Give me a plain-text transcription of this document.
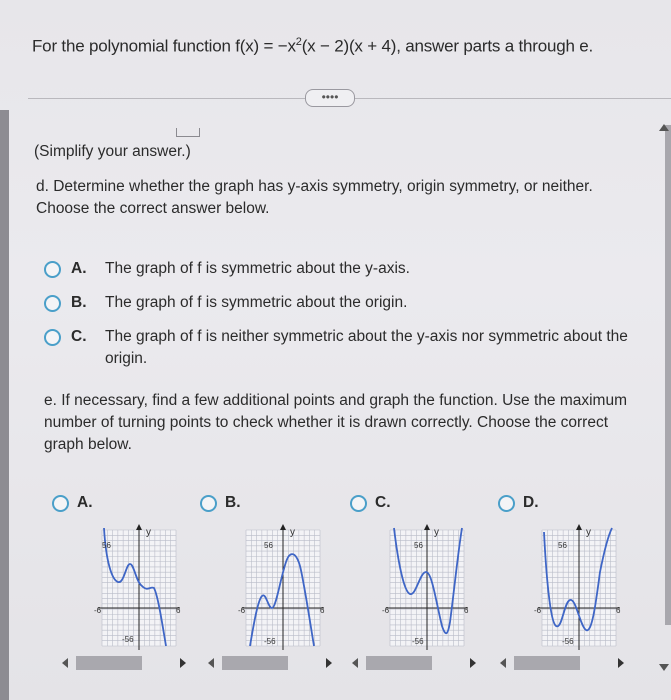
For the polynomial function $f(x) = -x^2(x - 2)(x + 4)$, answer parts a through e.
••••
(Simplify your answer.)
d. Determine whether the graph has y-axis symmetry, origin symmetry, or neither. Choose the correct answer below.
A.	The graph of f is symmetric about the y-axis.
B.	The graph of f is symmetric about the origin.
C.	The graph of f is neither symmetric about the y-axis nor symmetric about the origin.
e. If necessary, find a few additional points and graph the function. Use the maximum number of turning points to check whether it is drawn correctly. Choose the correct graph below.
A.	B.	C.	D.
y
56
-56
-6	6
y
56
-56
-6	6
y
56
-56
-6	6
y
56
-56
-6	6
